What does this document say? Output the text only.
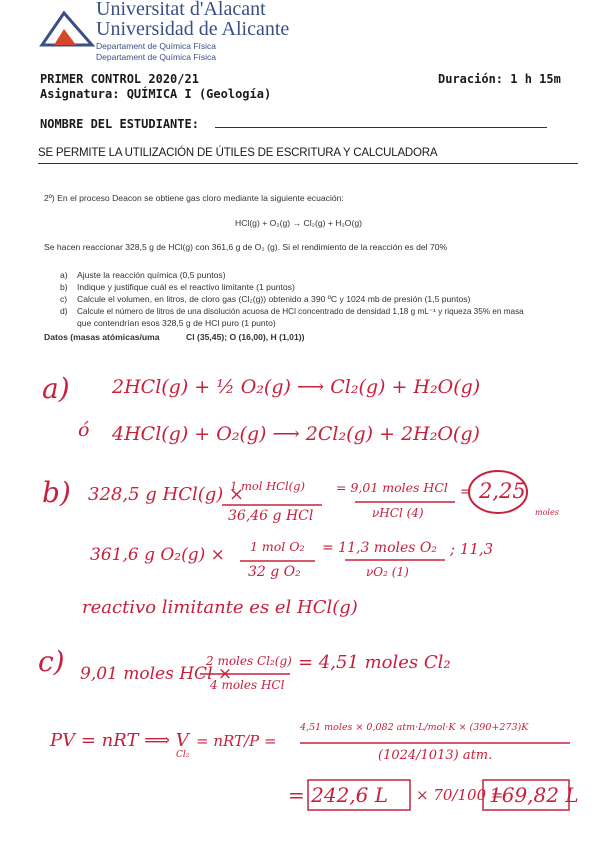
Universitat d'Alacant
Universidad de Alicante
Departament de Química Física
Departament de Química Física
PRIMER CONTROL 2020/21	Duración: 1 h 15m
Asignatura: QUÍMICA I (Geología)
NOMBRE DEL ESTUDIANTE:
SE PERMITE LA UTILIZACIÓN DE ÚTILES DE ESCRITURA Y CALCULADORA
2º) En el proceso Deacon se obtiene gas cloro mediante la siguiente ecuación:
HCl(g) + O₂(g) → Cl₂(g) + H₂O(g)
Se hacen reaccionar 328,5 g de HCl(g) con 361,6 g de O₂ (g). Si el rendimiento de la reacción es del 70%
a) Ajuste la reacción química (0,5 puntos)
b) Indique y justifique cuál es el reactivo limitante (1 puntos)
c) Calcule el volumen, en litros, de cloro gas (Cl₂(g)) obtenido a 390 ºC y 1024 mb de presión (1,5 puntos)
d) Calcule el número de litros de una disolución acuosa de HCl concentrado de densidad 1,18 g mL⁻¹ y riqueza 35% en masa
que contendrían esos 328,5 g de HCl puro (1 punto)
Datos (masas atómicas/uma	Cl (35,45); O (16,00), H (1,01))
a) 2HCl(g) + ½ O₂(g) ⟶ Cl₂(g) + H₂O(g)
ó 4HCl(g) + O₂(g) ⟶ 2Cl₂(g) + 2H₂O(g)
b) 328,5 g HCl(g) ×
1 mol HCl(g)
36,46 g HCl
= 9,01 moles HCl
νHCl (4)
= 2,25
moles
361,6 g O₂(g) × 1 mol O₂
32 g O₂
= 11,3 moles O₂
νO₂ (1)
; 11,3
reactivo limitante es el HCl(g)
c) 9,01 moles HCl ×
2 moles Cl₂(g)
4 moles HCl
= 4,51 moles Cl₂
PV = nRT ⟹ V
Cl₂
= nRT/P =
4,51 moles × 0,082 atm·L/mol·K × (390+273)K
(1024/1013) atm.
= 242,6 L × 70/100 =
169,82 L
